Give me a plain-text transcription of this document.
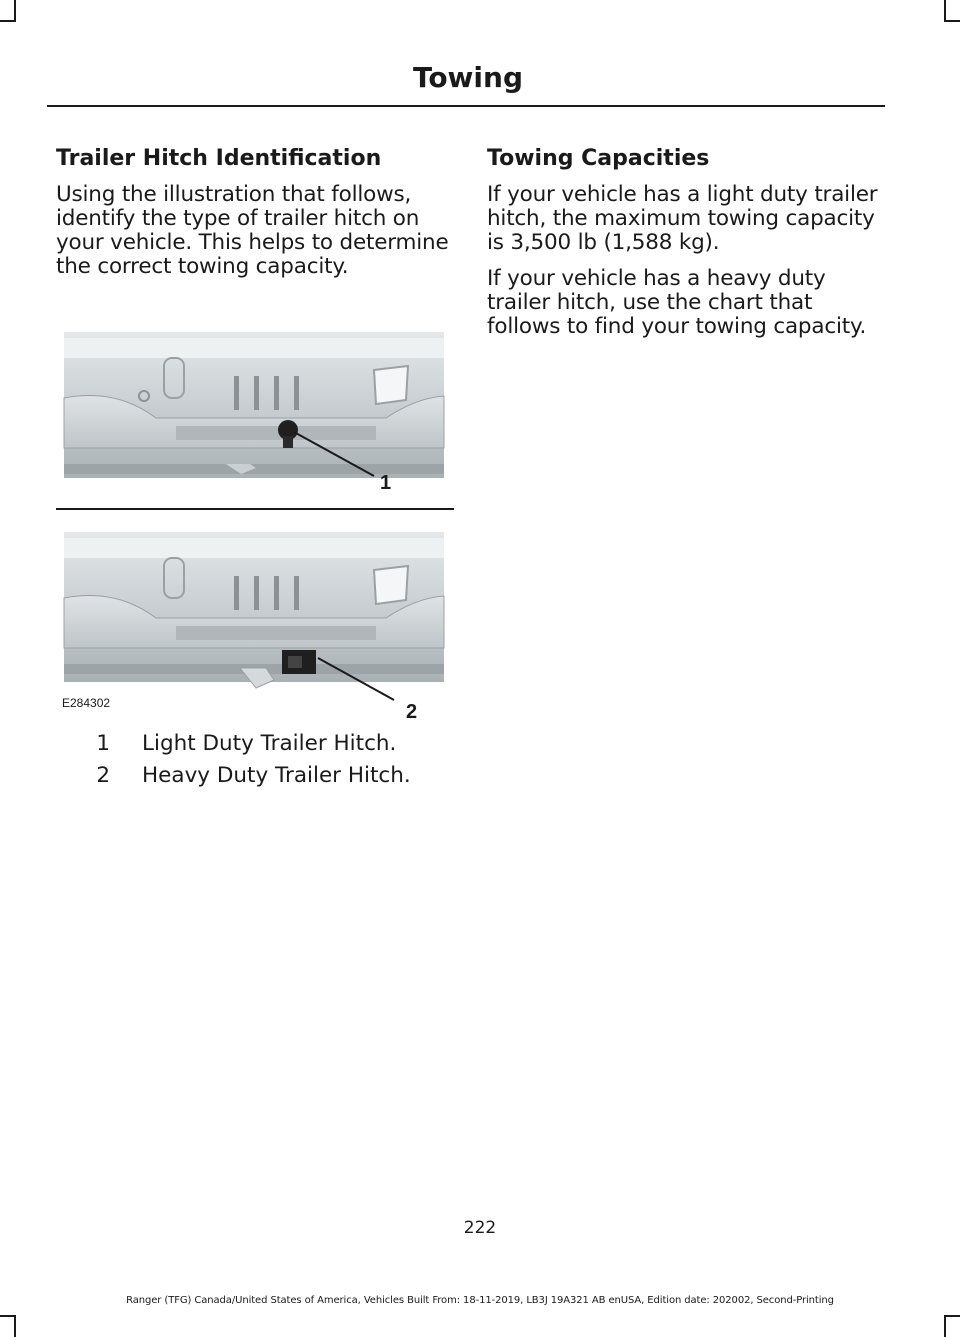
Towing
Trailer Hitch Identification

Using the illustration that follows, identify the type of trailer hitch on your vehicle. This helps to determine the correct towing capacity.

1
2
E284302
1	Light Duty Trailer Hitch.
2	Heavy Duty Trailer Hitch.
Towing Capacities

If your vehicle has a light duty trailer hitch, the maximum towing capacity is 3,500 lb (1,588 kg).

If your vehicle has a heavy duty trailer hitch, use the chart that follows to find your towing capacity.

222
Ranger (TFG) Canada/United States of America, Vehicles Built From: 18-11-2019, LB3J 19A321 AB enUSA, Edition date: 202002, Second-Printing
